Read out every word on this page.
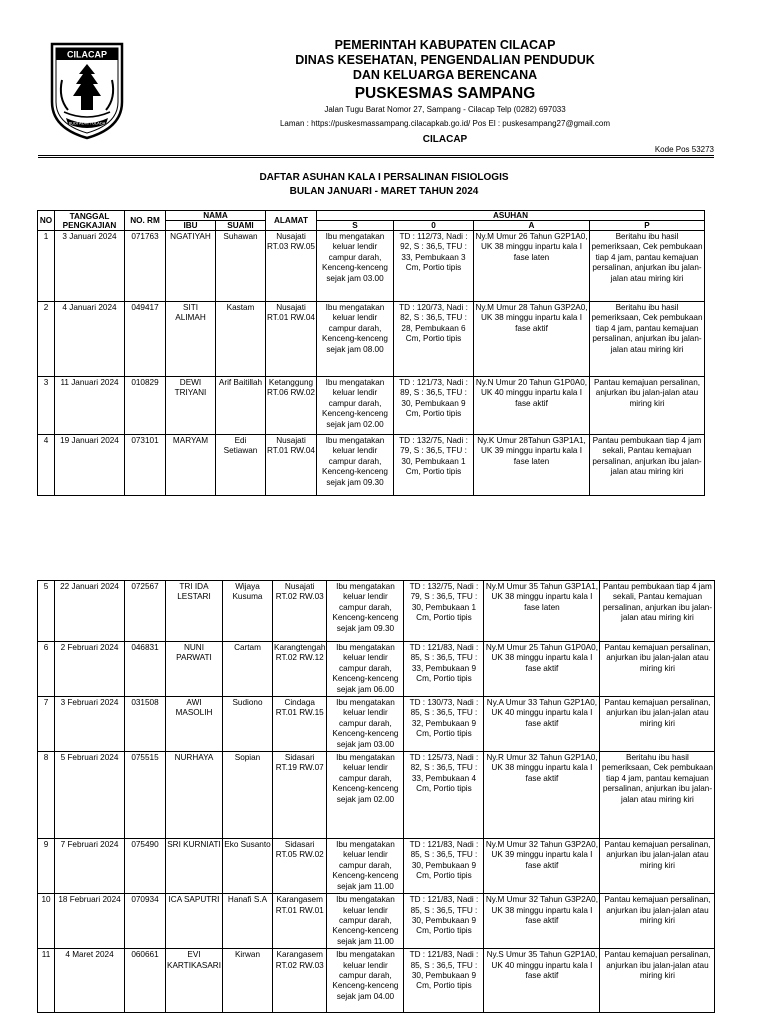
CILACAP
BUDI ADHI TULADA
PEMERINTAH KABUPATEN CILACAP
DINAS KESEHATAN, PENGENDALIAN PENDUDUK
DAN KELUARGA BERENCANA
PUSKESMAS SAMPANG
Jalan Tugu Barat Nomor 27, Sampang - Cilacap Telp (0282) 697033
Laman : https://puskesmassampang.cilacapkab.go.id/ Pos El : puskesampang27@gmail.com
CILACAP
Kode Pos 53273
DAFTAR ASUHAN KALA I PERSALINAN FISIOLOGIS
BULAN JANUARI - MARET TAHUN 2024
NO	TANGGAL PENGKAJIAN	NO. RM	NAMA		ALAMAT	ASUHAN			
			IBU	SUAMI		S	0	A	P
1	3 Januari 2024	071763	NGATIYAH	Suhawan	Nusajati RT.03 RW.05	Ibu mengatakan keluar lendir campur darah, Kenceng-kenceng sejak jam 03.00	TD : 112/73, Nadi : 92, S : 36,5, TFU : 33, Pembukaan 3 Cm, Portio tipis	Ny.M Umur 26 Tahun G2P1A0, UK 38 minggu inpartu kala I fase laten	Beritahu ibu hasil pemeriksaan, Cek pembukaan tiap 4 jam, pantau kemajuan persalinan, anjurkan ibu jalan-jalan atau miring kiri
2	4 Januari 2024	049417	SITI ALIMAH	Kastam	Nusajati RT.01 RW.04	Ibu mengatakan keluar lendir campur darah, Kenceng-kenceng sejak jam 08.00	TD : 120/73, Nadi : 82, S : 36,5, TFU : 28, Pembukaan 6 Cm, Portio tipis	Ny.M Umur 28 Tahun G3P2A0, UK 38 minggu inpartu kala I fase aktif	Beritahu ibu hasil pemeriksaan, Cek pembukaan tiap 4 jam, pantau kemajuan persalinan, anjurkan ibu jalan-jalan atau miring kiri
3	11 Januari 2024	010829	DEWI TRIYANI	Arif Baitillah	Ketanggung RT.06 RW.02	Ibu mengatakan keluar lendir campur darah, Kenceng-kenceng sejak jam 02.00	TD : 121/73, Nadi : 89, S : 36,5, TFU : 30, Pembukaan 9 Cm, Portio tipis	Ny.N Umur 20 Tahun G1P0A0, UK 40 minggu inpartu kala I fase aktif	Pantau kemajuan persalinan, anjurkan ibu jalan-jalan atau miring kiri
4	19 Januari 2024	073101	MARYAM	Edi Setiawan	Nusajati RT.01 RW.04	Ibu mengatakan keluar lendir campur darah, Kenceng-kenceng sejak jam 09.30	TD : 132/75, Nadi : 79, S : 36,5, TFU : 30, Pembukaan 1 Cm, Portio tipis	Ny.K Umur 28Tahun G3P1A1, UK 39 minggu inpartu kala I fase laten	Pantau pembukaan tiap 4 jam sekali, Pantau kemajuan persalinan, anjurkan ibu jalan-jalan atau miring kiri
5	22 Januari 2024	072567	TRI IDA LESTARI	Wijaya Kusuma	Nusajati RT.02 RW.03	Ibu mengatakan keluar lendir campur darah, Kenceng-kenceng sejak jam 09.30	TD : 132/75, Nadi : 79, S : 36,5, TFU : 30, Pembukaan 1 Cm, Portio tipis	Ny.M Umur 35 Tahun G3P1A1, UK 38 minggu inpartu kala I fase laten	Pantau pembukaan tiap 4 jam sekali, Pantau kemajuan persalinan, anjurkan ibu jalan-jalan atau miring kiri
6	2 Februari 2024	046831	NUNI PARWATI	Cartam	Karangtengah RT.02 RW.12	Ibu mengatakan keluar lendir campur darah, Kenceng-kenceng sejak jam 06.00	TD : 121/83, Nadi : 85, S : 36,5, TFU : 33, Pembukaan 9 Cm, Portio tipis	Ny.M Umur 25 Tahun G1P0A0, UK 38 minggu inpartu kala I fase aktif	Pantau kemajuan persalinan, anjurkan ibu jalan-jalan atau miring kiri
7	3 Februari 2024	031508	AWI MASOLIH	Sudiono	Cindaga RT.01 RW.15	Ibu mengatakan keluar lendir campur darah, Kenceng-kenceng sejak jam 03.00	TD : 130/73, Nadi : 85, S : 36,5, TFU : 32, Pembukaan 9 Cm, Portio tipis	Ny.A Umur 33 Tahun G2P1A0, UK 40 minggu inpartu kala I fase aktif	Pantau kemajuan persalinan, anjurkan ibu jalan-jalan atau miring kiri
8	5 Februari 2024	075515	NURHAYA	Sopian	Sidasari RT.19 RW.07	Ibu mengatakan keluar lendir campur darah, Kenceng-kenceng sejak jam 02.00	TD : 125/73, Nadi : 82, S : 36,5, TFU : 33, Pembukaan 4 Cm, Portio tipis	Ny.R Umur 32 Tahun G2P1A0, UK 38 minggu inpartu kala I fase aktif	Beritahu ibu hasil pemeriksaan, Cek pembukaan tiap 4 jam, pantau kemajuan persalinan, anjurkan ibu jalan-jalan atau miring kiri
9	7 Februari 2024	075490	SRI KURNIATI	Eko Susanto	Sidasari RT.05 RW.02	Ibu mengatakan keluar lendir campur darah, Kenceng-kenceng sejak jam 11.00	TD : 121/83, Nadi : 85, S : 36,5, TFU : 30, Pembukaan 9 Cm, Portio tipis	Ny.M Umur 32 Tahun G3P2A0, UK 39 minggu inpartu kala I fase aktif	Pantau kemajuan persalinan, anjurkan ibu jalan-jalan atau miring kiri
10	18 Februari 2024	070934	ICA SAPUTRI	Hanafi S.A	Karangasem RT.01 RW.01	Ibu mengatakan keluar lendir campur darah, Kenceng-kenceng sejak jam 11.00	TD : 121/83, Nadi : 85, S : 36,5, TFU : 30, Pembukaan 9 Cm, Portio tipis	Ny.M Umur 32 Tahun G3P2A0, UK 38 minggu inpartu kala I fase aktif	Pantau kemajuan persalinan, anjurkan ibu jalan-jalan atau miring kiri
11	4 Maret 2024	060661	EVI KARTIKASARI	Kirwan	Karangasem RT.02 RW.03	Ibu mengatakan keluar lendir campur darah, Kenceng-kenceng sejak jam 04.00	TD : 121/83, Nadi : 85, S : 36,5, TFU : 30, Pembukaan 9 Cm, Portio tipis	Ny.S Umur 35 Tahun G2P1A0, UK 40 minggu inpartu kala I fase aktif	Pantau kemajuan persalinan, anjurkan ibu jalan-jalan atau miring kiri
